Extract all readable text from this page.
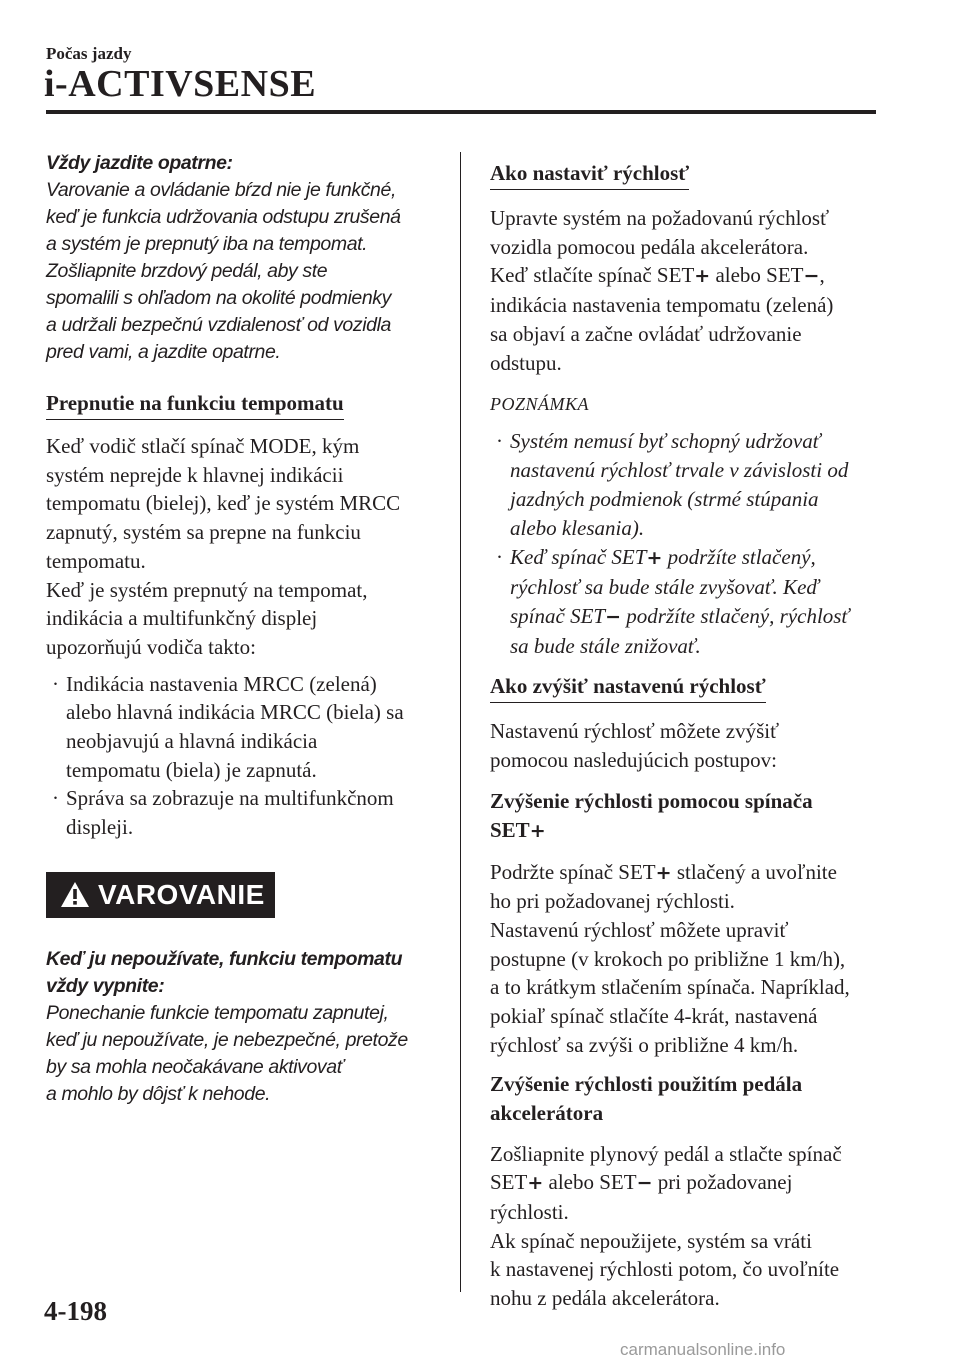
Počas jazdy
i-ACTIVSENSE
Vždy jazdite opatrne:
Varovanie a ovládanie bŕzd nie je funkčné,
keď je funkcia udržovania odstupu zrušená
a systém je prepnutý iba na tempomat.
Zošliapnite brzdový pedál, aby ste
spomalili s ohľadom na okolité podmienky
a udržali bezpečnú vzdialenosť od vozidla
pred vami, a jazdite opatrne.
Prepnutie na funkciu tempomatu
Keď vodič stlačí spínač MODE, kým
systém neprejde k hlavnej indikácii
tempomatu (bielej), keď je systém MRCC
zapnutý, systém sa prepne na funkciu
tempomatu.
Keď je systém prepnutý na tempomat,
indikácia a multifunkčný displej
upozorňujú vodiča takto:
· Indikácia nastavenia MRCC (zelená)
alebo hlavná indikácia MRCC (biela) sa
neobjavujú a hlavná indikácia
tempomatu (biela) je zapnutá.
· Správa sa zobrazuje na multifunkčnom
displeji.
VAROVANIE
Keď ju nepoužívate, funkciu tempomatu
vždy vypnite:
Ponechanie funkcie tempomatu zapnutej,
keď ju nepoužívate, je nebezpečné, pretože
by sa mohla neočakávane aktivovať
a mohlo by dôjsť k nehode.
Ako nastaviť rýchlosť
Upravte systém na požadovanú rýchlosť
vozidla pomocou pedála akcelerátora.
Keď stlačíte spínač SET+ alebo SET−,
indikácia nastavenia tempomatu (zelená)
sa objaví a začne ovládať udržovanie
odstupu.
POZNÁMKA
· Systém nemusí byť schopný udržovať
nastavenú rýchlosť trvale v závislosti od
jazdných podmienok (strmé stúpania
alebo klesania).
· Keď spínač SET+ podržíte stlačený,
rýchlosť sa bude stále zvyšovať. Keď
spínač SET− podržíte stlačený, rýchlosť
sa bude stále znižovať.
Ako zvýšiť nastavenú rýchlosť
Nastavenú rýchlosť môžete zvýšiť
pomocou nasledujúcich postupov:
Zvýšenie rýchlosti pomocou spínača
SET+
Podržte spínač SET+ stlačený a uvoľnite
ho pri požadovanej rýchlosti.
Nastavenú rýchlosť môžete upraviť
postupne (v krokoch po približne 1 km/h),
a to krátkym stlačením spínača. Napríklad,
pokiaľ spínač stlačíte 4-krát, nastavená
rýchlosť sa zvýši o približne 4 km/h.
Zvýšenie rýchlosti použitím pedála
akcelerátora
Zošliapnite plynový pedál a stlačte spínač
SET+ alebo SET− pri požadovanej
rýchlosti.
Ak spínač nepoužijete, systém sa vráti
k nastavenej rýchlosti potom, čo uvoľníte
nohu z pedála akcelerátora.
4-198
carmanualsonline.info
